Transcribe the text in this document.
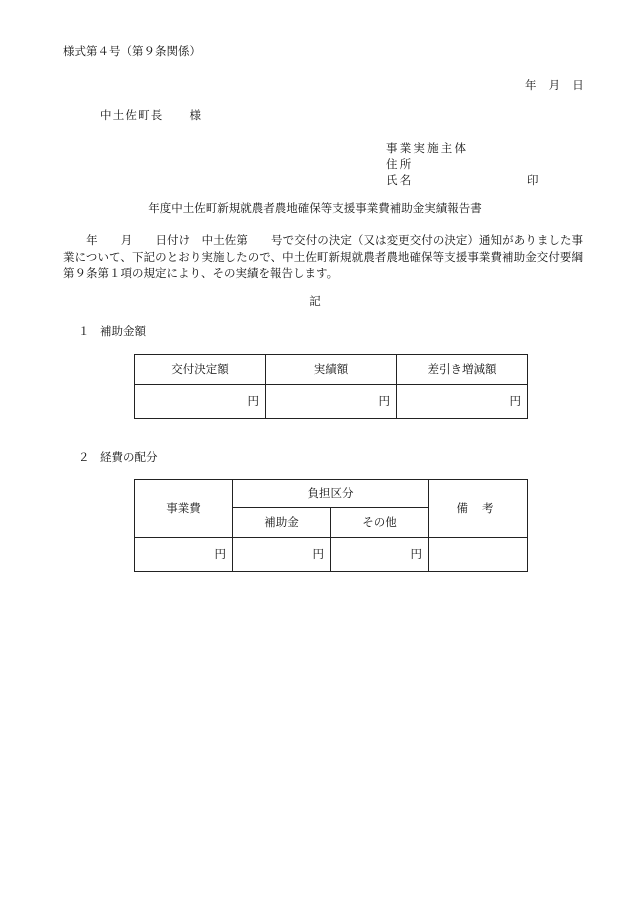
様式第４号（第９条関係）
年　月　日
中土佐町長 様
事業実施主体
住所
氏名	印
年度中土佐町新規就農者農地確保等支援事業費補助金実績報告書
　　年　　月　　日付け　中土佐第　　号で交付の決定（又は変更交付の決定）通知がありました事業について、下記のとおり実施したので、中土佐町新規就農者農地確保等支援事業費補助金交付要綱第９条第１項の規定により、その実績を報告します。
記
１ 補助金額
交付決定額	実績額	差引き増減額
円	円	円
２ 経費の配分
事業費	負担区分		備考
	補助金	その他	
円	円	円	
